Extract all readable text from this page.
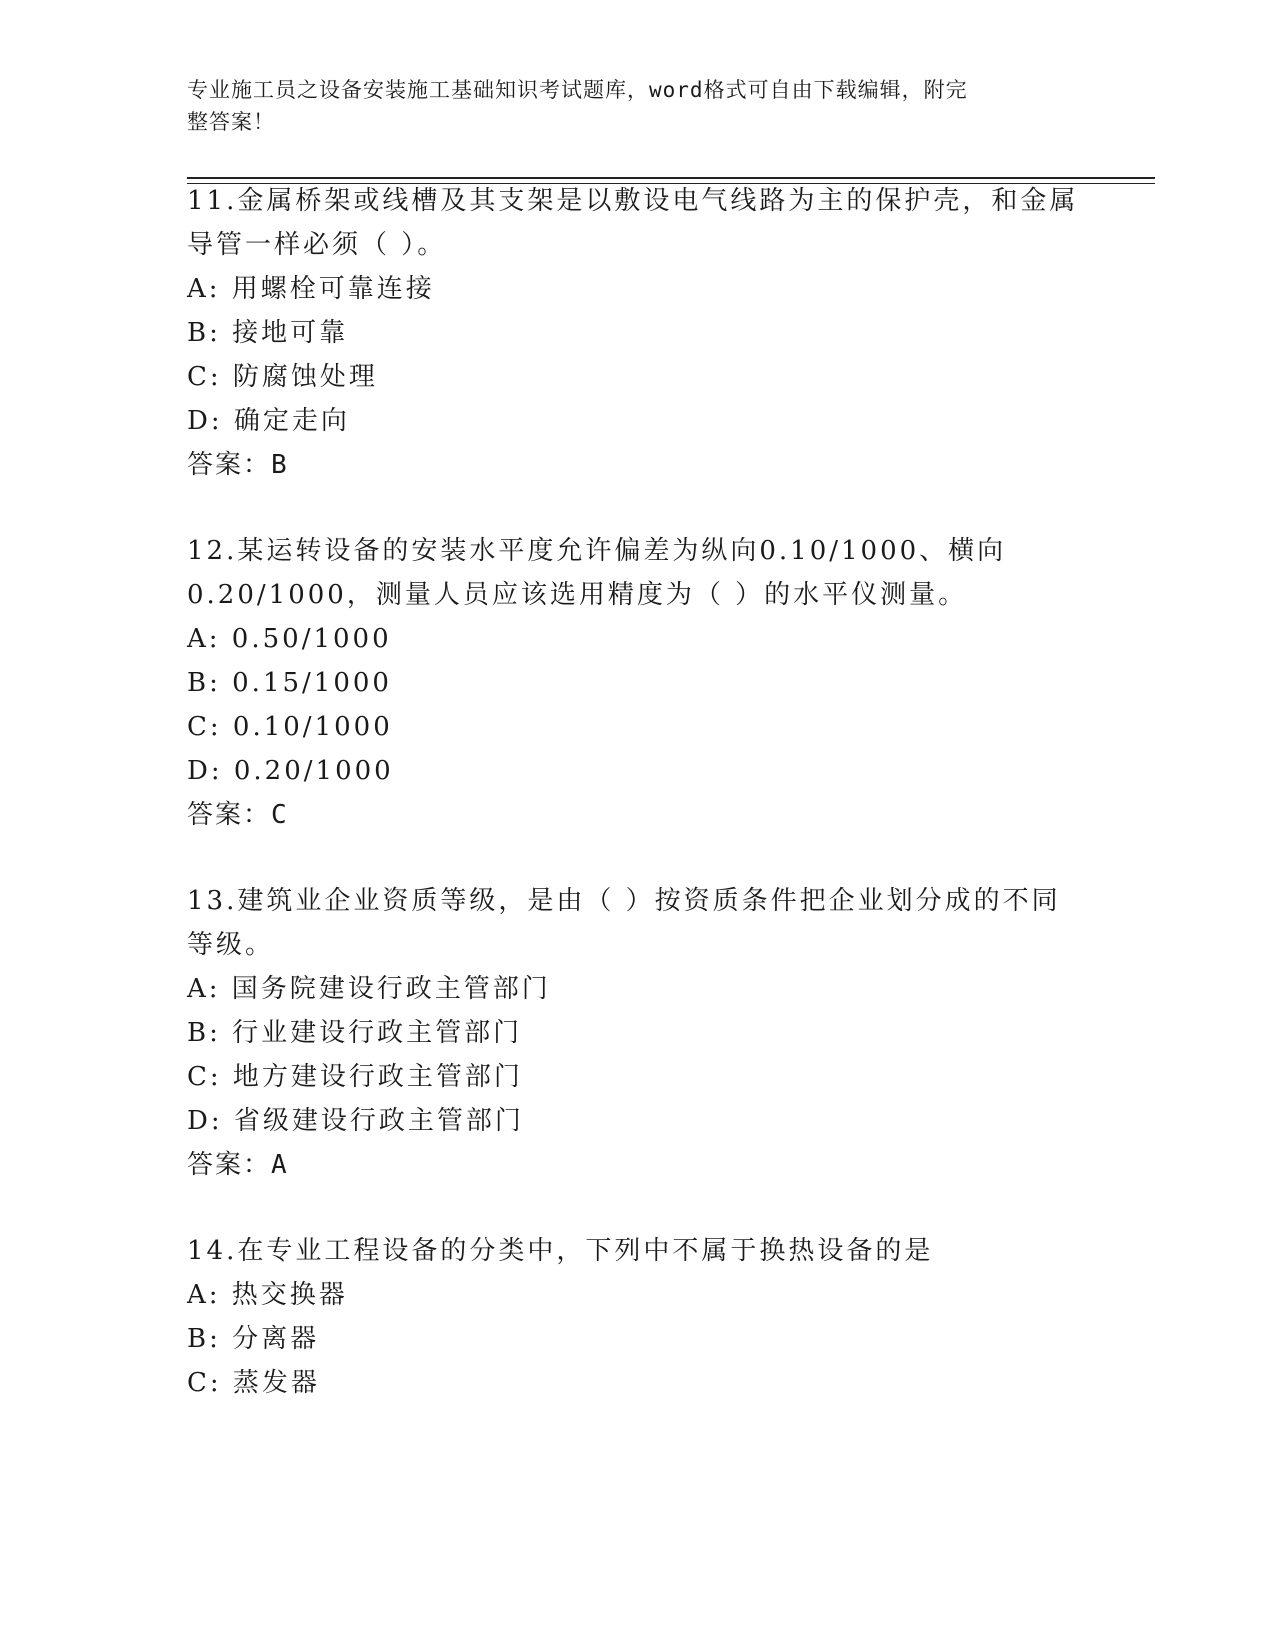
专业施工员之设备安装施工基础知识考试题库，word格式可自由下载编辑，附完
整答案！
11.金属桥架或线槽及其支架是以敷设电气线路为主的保护壳，和金属
导管一样必须（ ）。
A: 用螺栓可靠连接
B: 接地可靠
C: 防腐蚀处理
D: 确定走向
答案：B
12.某运转设备的安装水平度允许偏差为纵向0.10/1000、横向
0.20/1000，测量人员应该选用精度为（ ）的水平仪测量。
A: 0.50/1000
B: 0.15/1000
C: 0.10/1000
D: 0.20/1000
答案：C
13.建筑业企业资质等级，是由（ ）按资质条件把企业划分成的不同
等级。
A: 国务院建设行政主管部门
B: 行业建设行政主管部门
C: 地方建设行政主管部门
D: 省级建设行政主管部门
答案：A
14.在专业工程设备的分类中，下列中不属于换热设备的是
A: 热交换器
B: 分离器
C: 蒸发器
